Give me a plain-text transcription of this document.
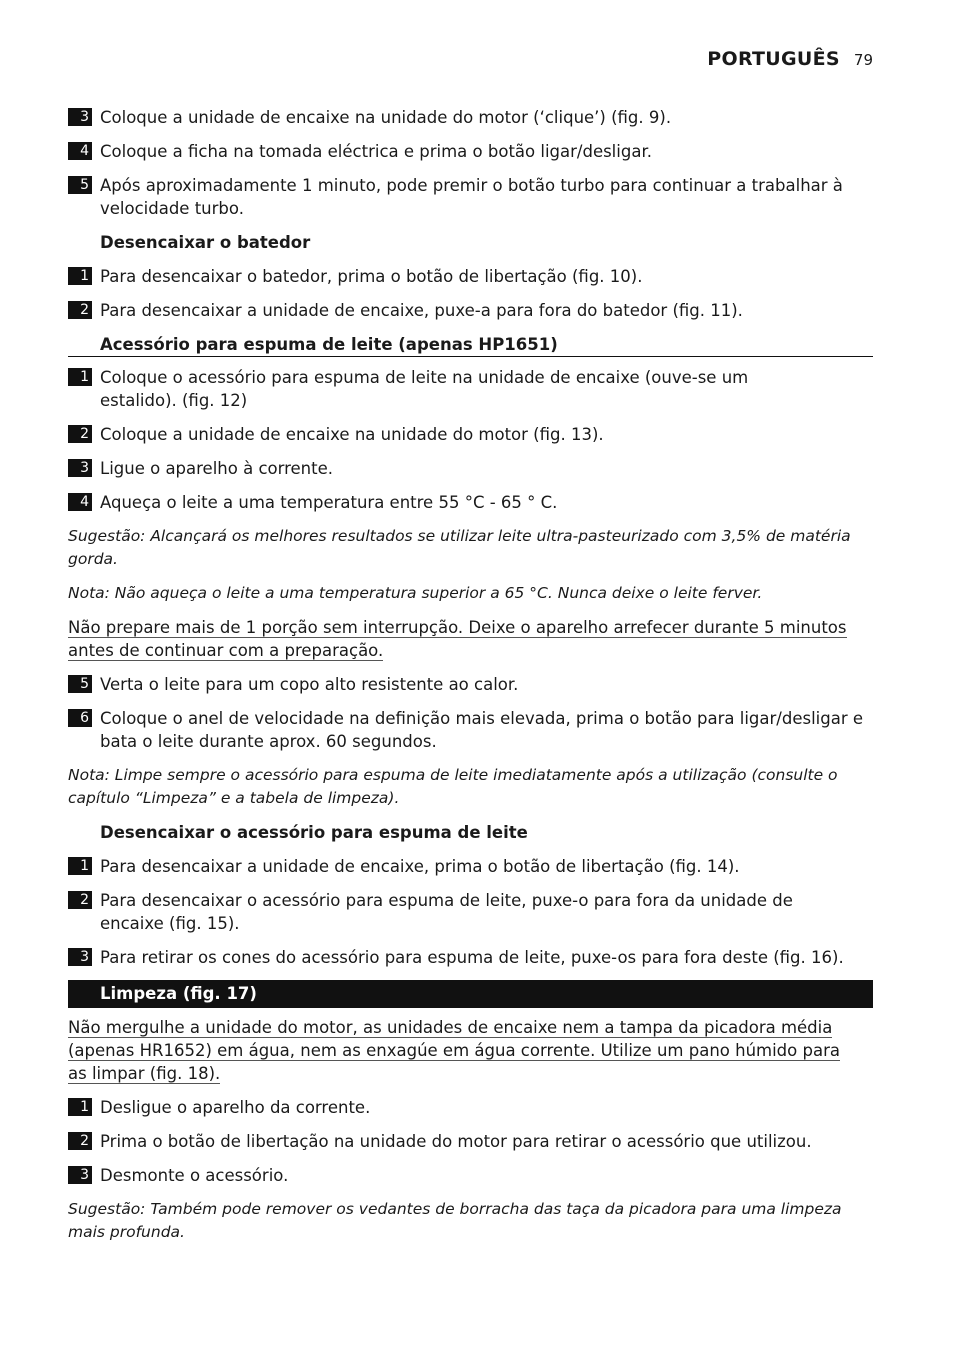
PORTUGUÊS 79
3 Coloque a unidade de encaixe na unidade do motor (‘clique’) (fig. 9).
4 Coloque a ficha na tomada eléctrica e prima o botão ligar/desligar.
5 Após aproximadamente 1 minuto, pode premir o botão turbo para continuar a trabalhar à velocidade turbo.
Desencaixar o batedor
1 Para desencaixar o batedor, prima o botão de libertação (fig. 10).
2 Para desencaixar a unidade de encaixe, puxe-a para fora do batedor (fig. 11).
Acessório para espuma de leite (apenas HP1651)
1 Coloque o acessório para espuma de leite na unidade de encaixe (ouve-se um estalido). (fig. 12)
2 Coloque a unidade de encaixe na unidade do motor (fig. 13).
3 Ligue o aparelho à corrente.
4 Aqueça o leite a uma temperatura entre 55 °C - 65 ° C.
Sugestão: Alcançará os melhores resultados se utilizar leite ultra-pasteurizado com 3,5% de matéria gorda.
Nota: Não aqueça o leite a uma temperatura superior a 65 °C. Nunca deixe o leite ferver.
Não prepare mais de 1 porção sem interrupção. Deixe o aparelho arrefecer durante 5 minutos antes de continuar com a preparação.
5 Verta o leite para um copo alto resistente ao calor.
6 Coloque o anel de velocidade na definição mais elevada, prima o botão para ligar/desligar e bata o leite durante aprox. 60 segundos.
Nota: Limpe sempre o acessório para espuma de leite imediatamente após a utilização (consulte o capítulo “Limpeza” e a tabela de limpeza).
Desencaixar o acessório para espuma de leite
1 Para desencaixar a unidade de encaixe, prima o botão de libertação (fig. 14).
2 Para desencaixar o acessório para espuma de leite, puxe-o para fora da unidade de encaixe (fig. 15).
3 Para retirar os cones do acessório para espuma de leite, puxe-os para fora deste (fig. 16).
Limpeza (fig. 17)
Não mergulhe a unidade do motor, as unidades de encaixe nem a tampa da picadora média (apenas HR1652) em água, nem as enxagúe em água corrente. Utilize um pano húmido para as limpar (fig. 18).
1 Desligue o aparelho da corrente.
2 Prima o botão de libertação na unidade do motor para retirar o acessório que utilizou.
3 Desmonte o acessório.
Sugestão: Também pode remover os vedantes de borracha das taça da picadora para uma limpeza mais profunda.
